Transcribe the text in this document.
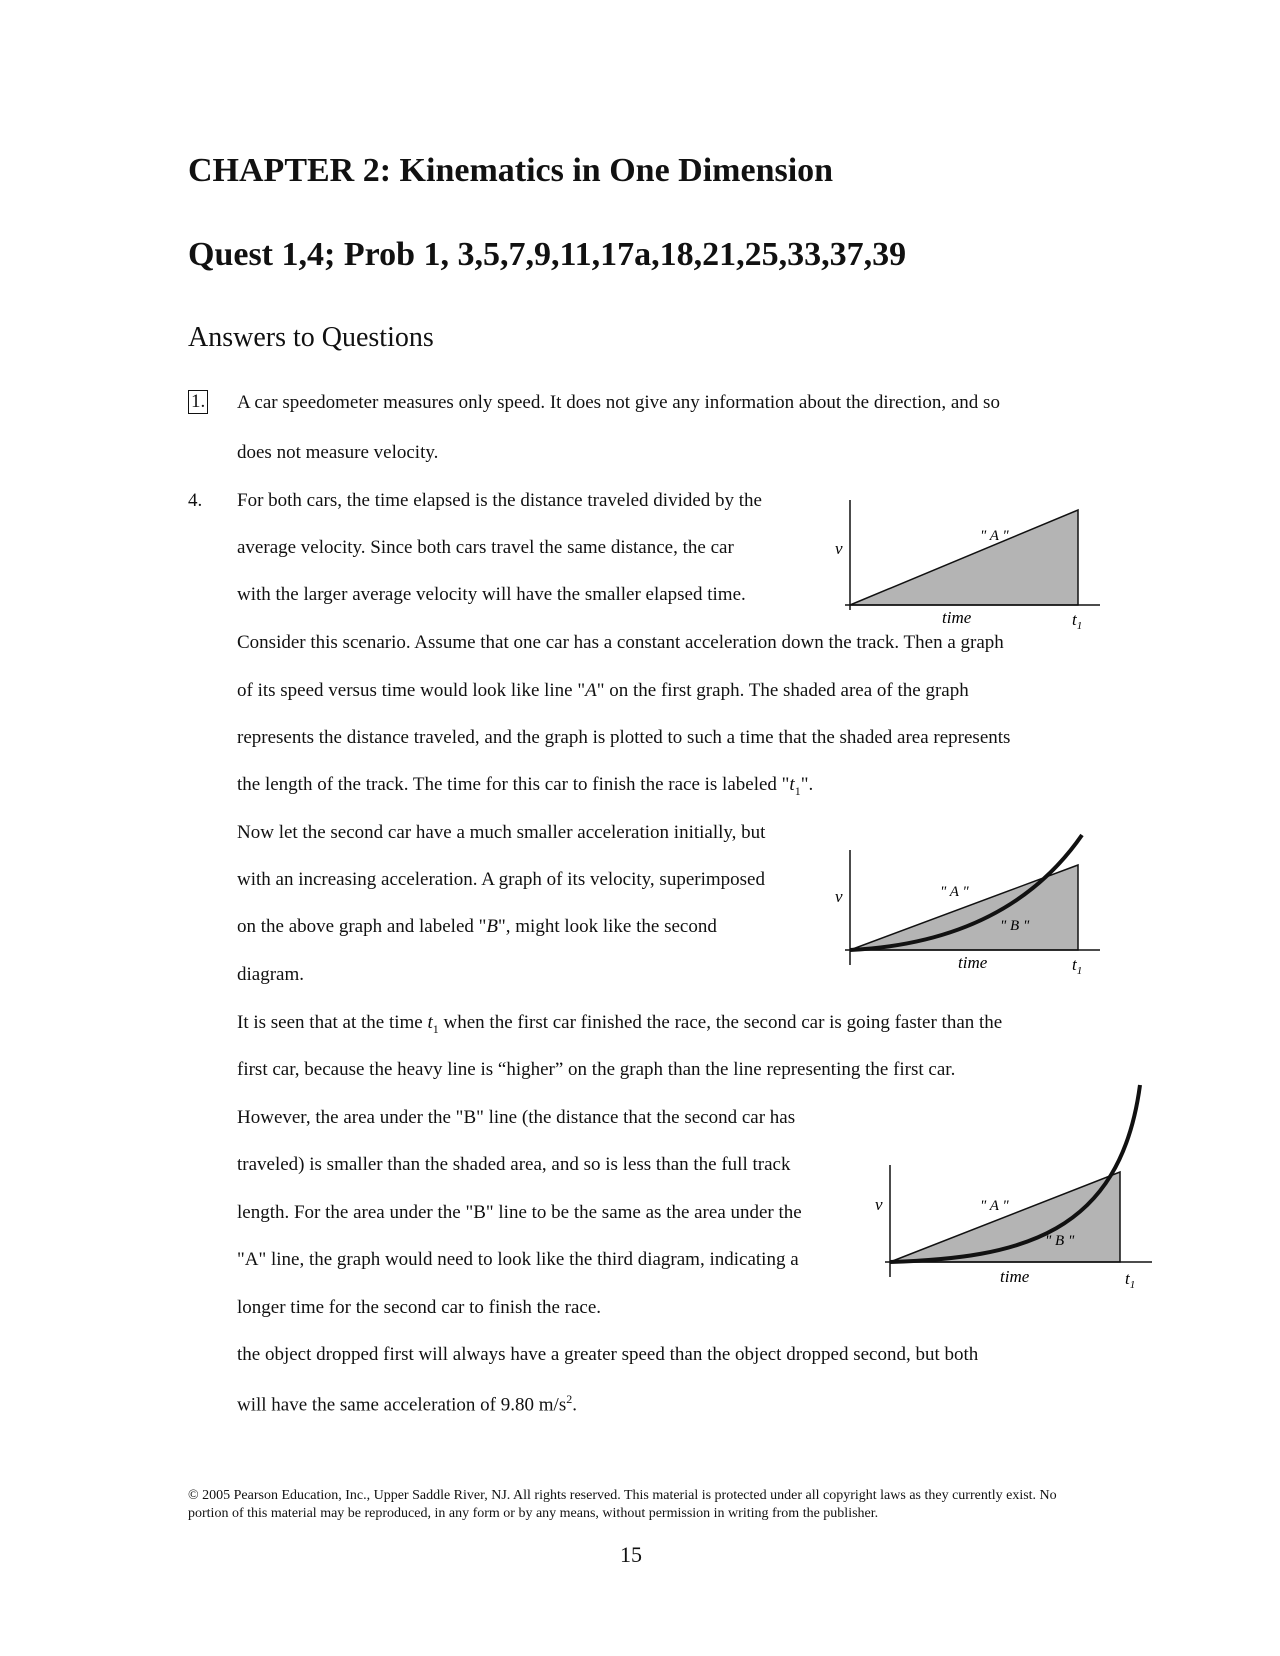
CHAPTER 2: Kinematics in One Dimension
Quest 1,4; Prob 1, 3,5,7,9,11,17a,18,21,25,33,37,39
Answers to Questions
1. A car speedometer measures only speed. It does not give any information about the direction, and so
does not measure velocity.
4. For both cars, the time elapsed is the distance traveled divided by the
average velocity. Since both cars travel the same distance, the car
with the larger average velocity will have the smaller elapsed time.
Consider this scenario. Assume that one car has a constant acceleration down the track. Then a graph
of its speed versus time would look like line "A" on the first graph. The shaded area of the graph
represents the distance traveled, and the graph is plotted to such a time that the shaded area represents
the length of the track. The time for this car to finish the race is labeled "$t_1$".
Now let the second car have a much smaller acceleration initially, but
with an increasing acceleration. A graph of its velocity, superimposed
on the above graph and labeled "B", might look like the second
diagram.
It is seen that at the time $t_1$ when the first car finished the race, the second car is going faster than the
first car, because the heavy line is “higher” on the graph than the line representing the first car.
However, the area under the "B" line (the distance that the second car has
traveled) is smaller than the shaded area, and so is less than the full track
length. For the area under the "B" line to be the same as the area under the
"A" line, the graph would need to look like the third diagram, indicating a
longer time for the second car to finish the race.
the object dropped first will always have a greater speed than the object dropped second, but both
will have the same acceleration of 9.80 $m/s^2$.
v
" A "
time	$t_1$
v	" A "
" B "
time	$t_1$
v	" A "
" B "
time	$t_1$
© 2005 Pearson Education, Inc., Upper Saddle River, NJ. All rights reserved. This material is protected under all copyright laws as they currently exist. No portion of this material may be reproduced, in any form or by any means, without permission in writing from the publisher.
15
